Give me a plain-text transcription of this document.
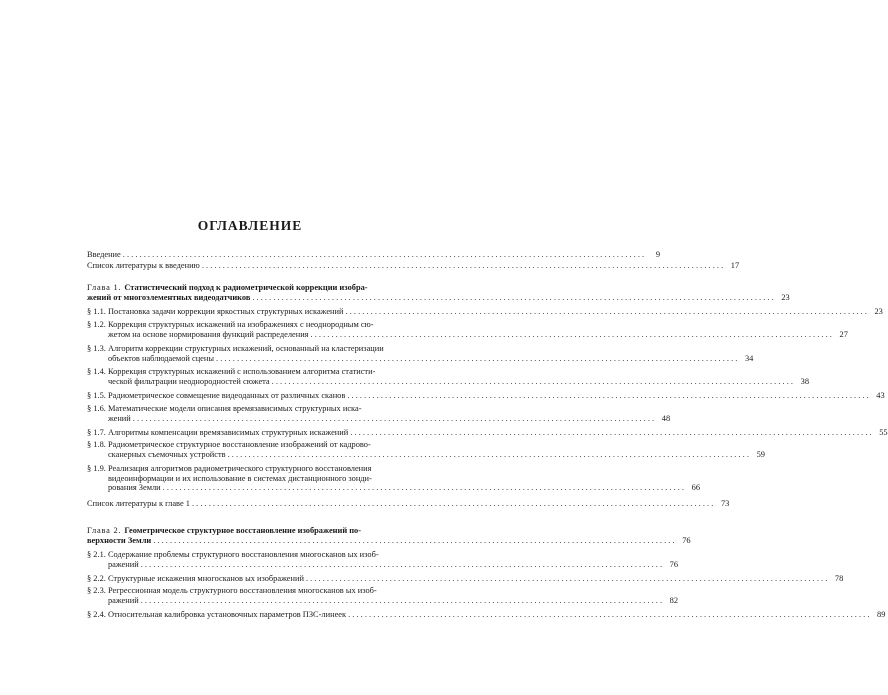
ОГЛАВЛЕНИЕ
Введение . . .	9
Список литературы к введению . . .	17
Глава 1. Статистический подход к радиометрической коррекции изобра-
жений от многоэлементных видеодатчиков . . .	23
§ 1.1. Постановка задачи коррекции яркостных структурных искажений . . .	23
§ 1.2. Коррекция структурных искажений на изображениях с неоднородным сю-
жетом на основе нормирования функций распределения . . .	27
§ 1.3. Алгоритм коррекции структурных искажений, основанный на кластеризации
объектов наблюдаемой сцены . . .	34
§ 1.4. Коррекция структурных искажений с использованием алгоритма статисти-
ческой фильтрации неоднородностей сюжета . . .	38
§ 1.5. Радиометрическое совмещение видеоданных от различных сканов . . .	43
§ 1.6. Математические модели описания времязависимых структурных иска-
жений . . .	48
§ 1.7. Алгоритмы компенсации времязависимых структурных искажений . . .	55
§ 1.8. Радиометрическое структурное восстановление изображений от кадрово-
сканерных съемочных устройств . . .	59
§ 1.9. Реализация алгоритмов радиометрического структурного восстановления
видеоинформации и их использование в системах дистанционного зонди-
рования Земли . . .	66
Список литературы к главе 1 . . .	73
Глава 2. Геометрическое структурное восстановление изображений по-
верхности Земли . . .	76
§ 2.1. Содержание проблемы структурного восстановления многосканов ых изоб-
ражений . . .	76
§ 2.2. Структурные искажения многосканов ых изображений . . .	78
§ 2.3. Регрессионная модель структурного восстановления многосканов ых изоб-
ражений . . .	82
§ 2.4. Относительная калибровка установочных параметров ПЗС-линеек . . .	89
